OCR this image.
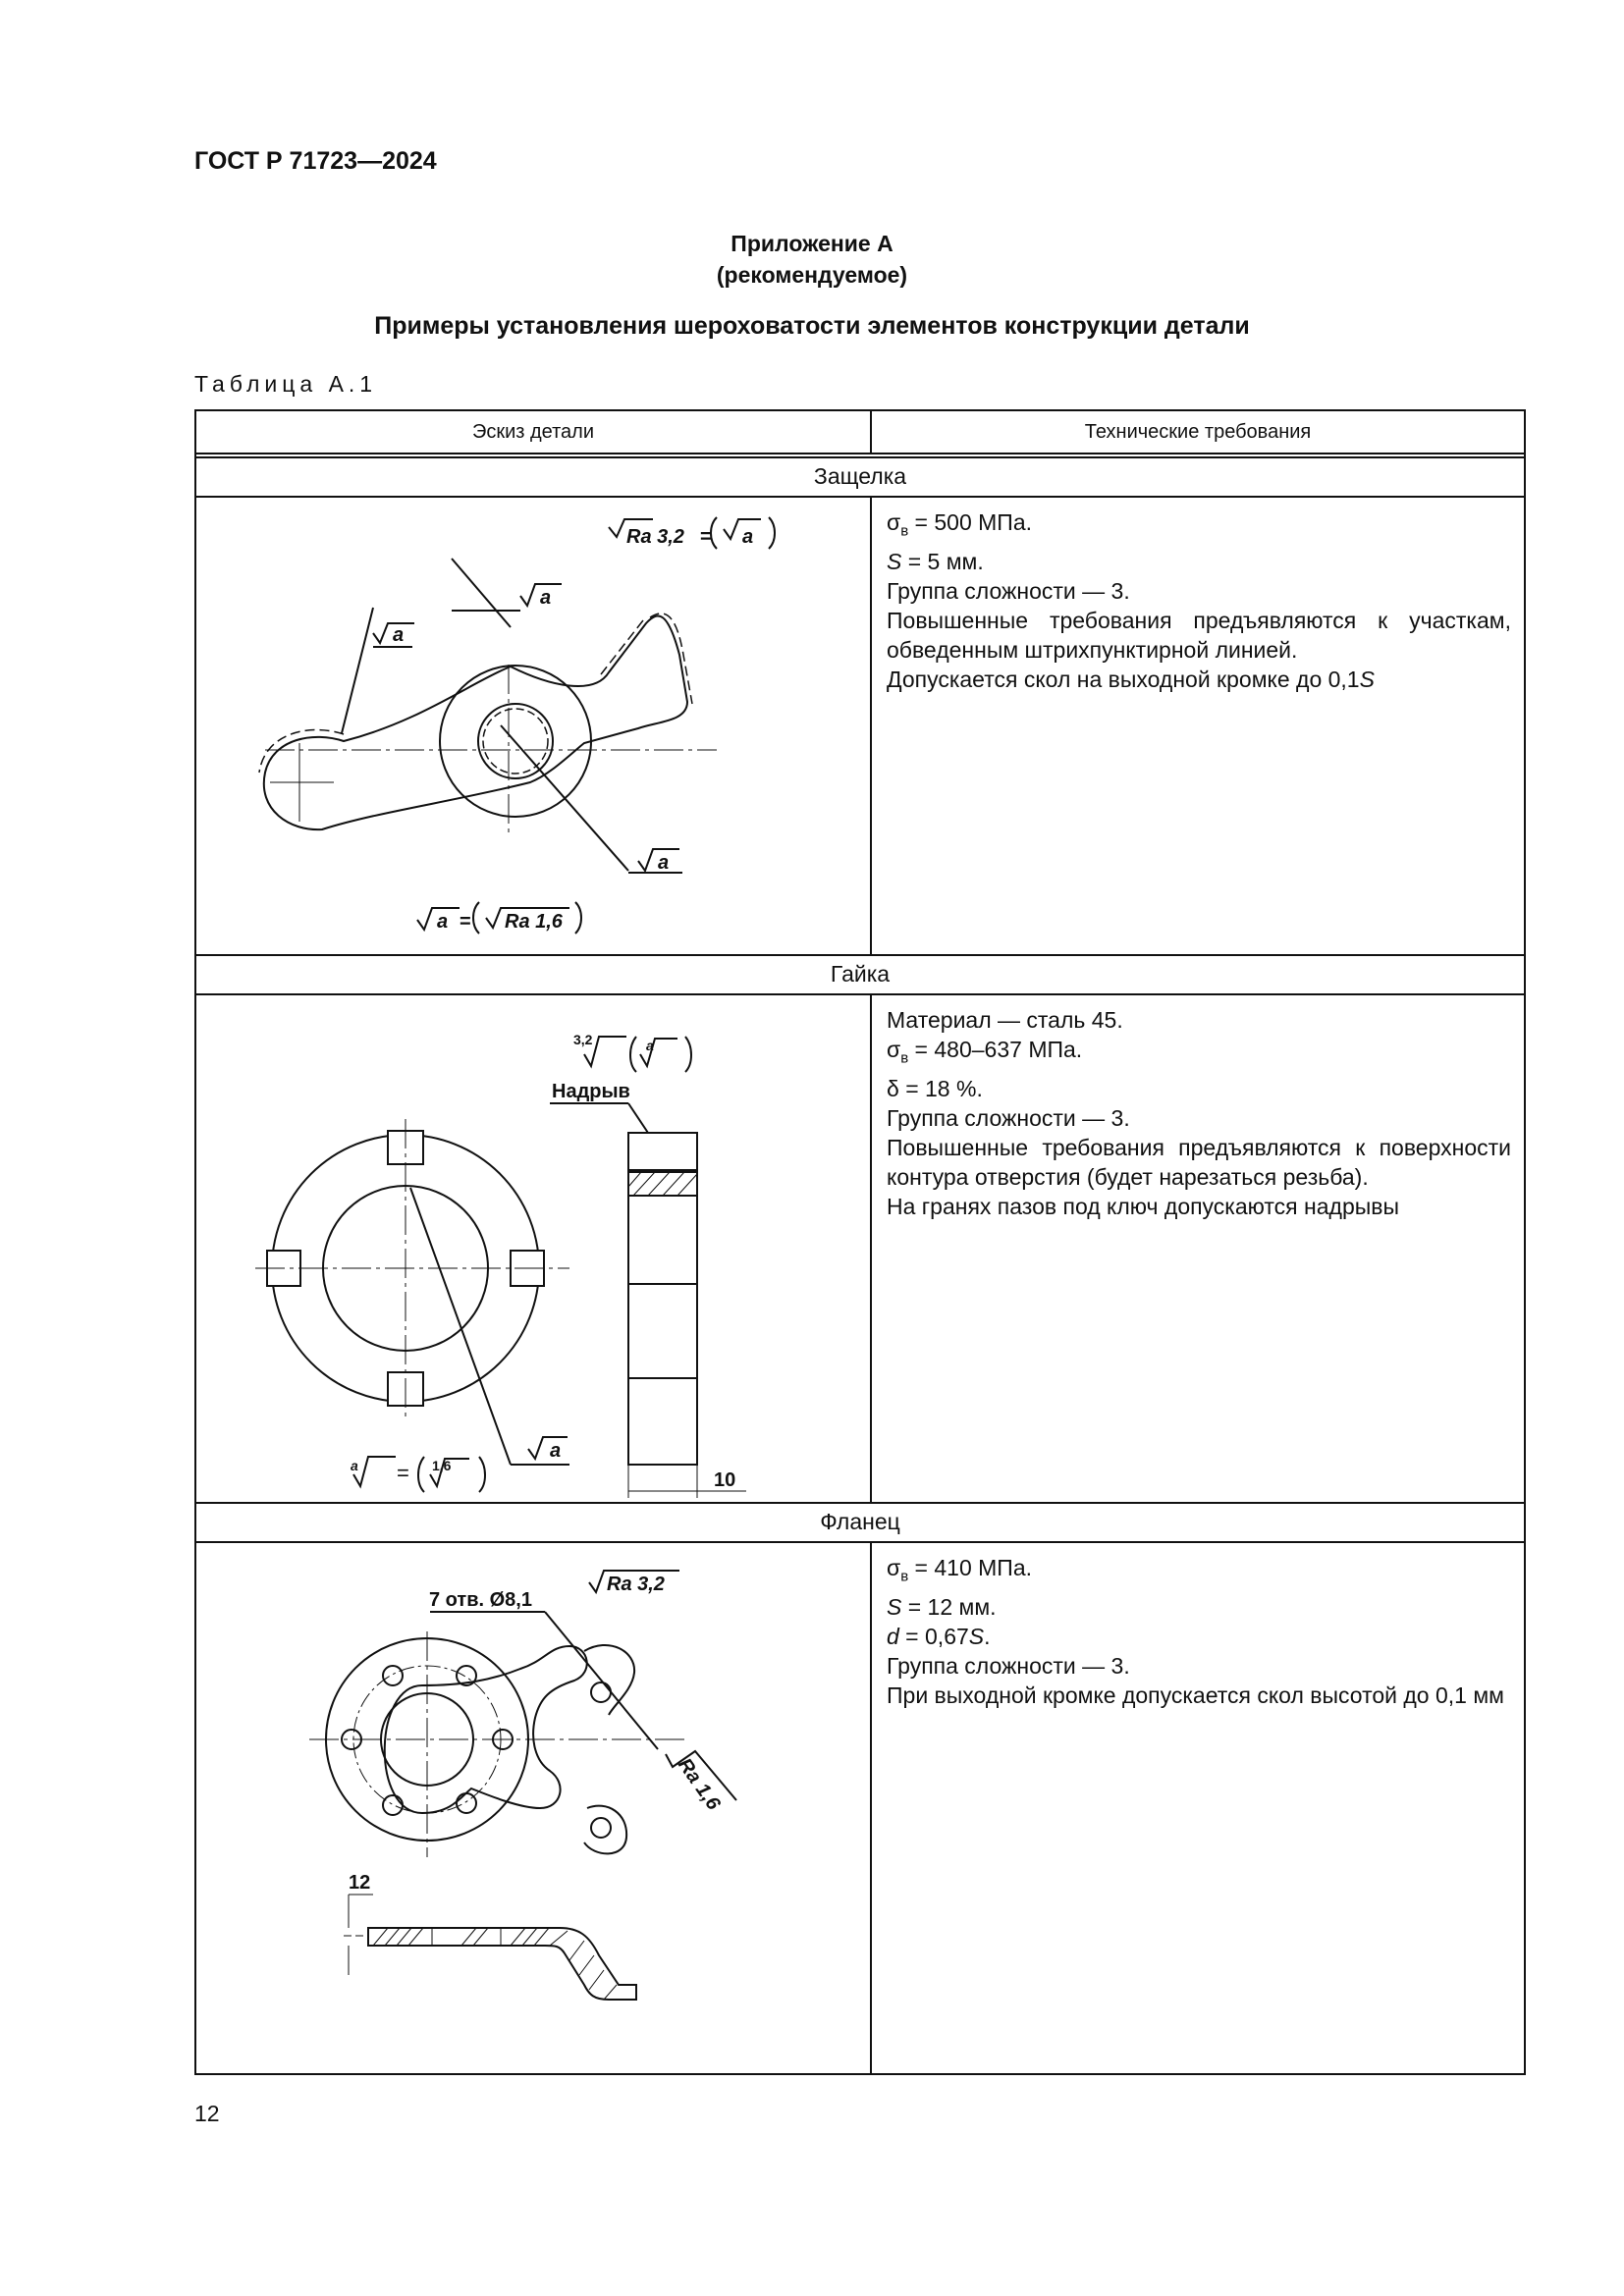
ГОСТ Р 71723—2024
Приложение А
(рекомендуемое)
Примеры установления шероховатости элементов конструкции детали
Таблица А.1
Эскиз детали	Технические требования
Защелка
Ra 3,2 = a
a
a
a
a = Ra 1,6

$\sigma_в = 500$ МПа.

S = 5 мм.

Группа сложности — 3.

Повышенные требования предъявляются к участкам, обведенным штрихпунктирной линией.

Допускается скол на выходной кромке до 0,1S

Гайка
3,2	a
Надрыв
a = 1,6
a
10

Материал — сталь 45.

$\sigma_в = 480-637$ МПа.

δ = 18 %.

Группа сложности — 3.

Повышенные требования предъявляются к поверхности контура отверстия (будет нарезаться резьба).

На гранях пазов под ключ допускаются надрывы

Фланец
Ra 3,2
7 отв. Ø8,1
Ra 1,6
12

$\sigma_в = 410$ МПа.

S = 12 мм.

d = 0,67S.

Группа сложности — 3.

При выходной кромке допускается скол высотой до 0,1 мм

12
